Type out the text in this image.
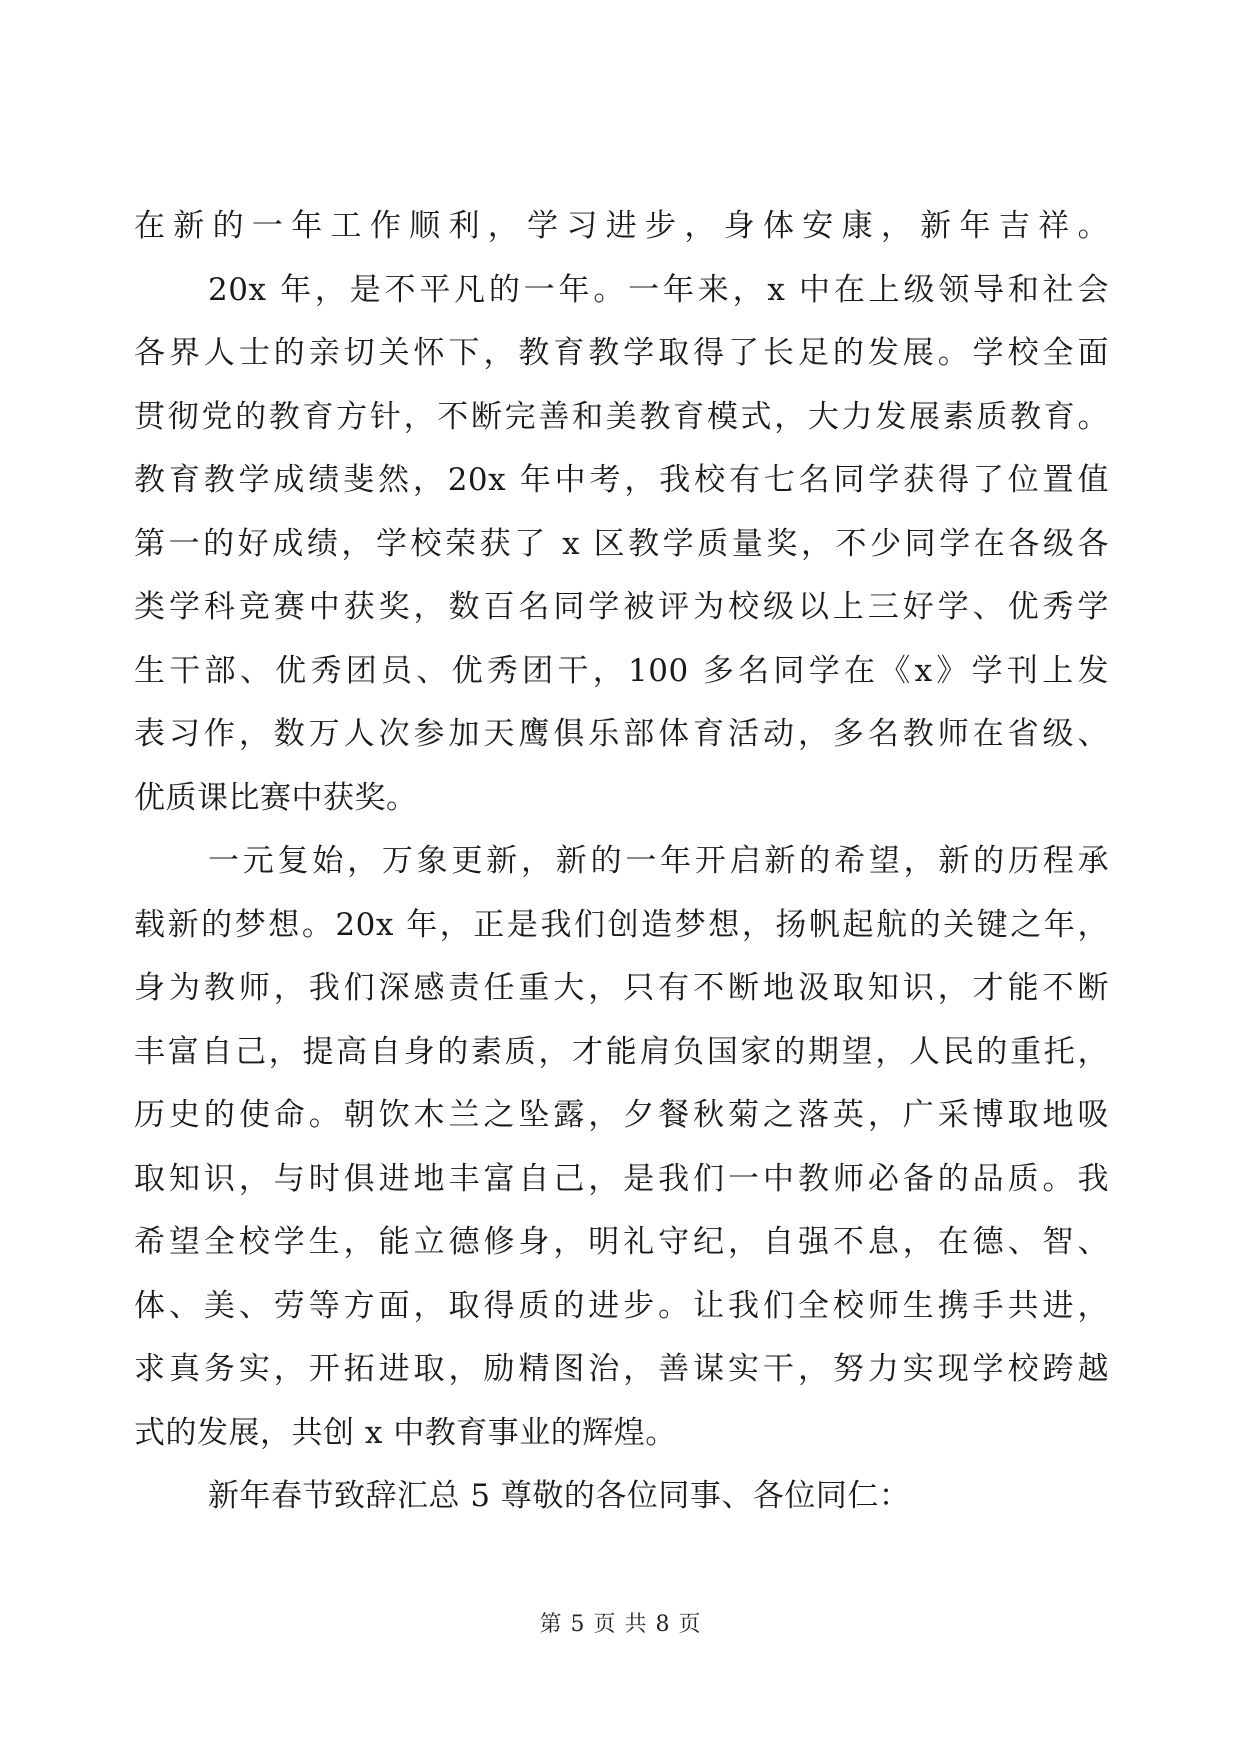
在新的一年工作顺利，学习进步，身体安康，新年吉祥。
20x 年，是不平凡的一年。一年来，x 中在上级领导和社会
各界人士的亲切关怀下，教育教学取得了长足的发展。学校全面
贯彻党的教育方针，不断完善和美教育模式，大力发展素质教育。
教育教学成绩斐然，20x 年中考，我校有七名同学获得了位置值
第一的好成绩，学校荣获了 x 区教学质量奖，不少同学在各级各
类学科竞赛中获奖，数百名同学被评为校级以上三好学、优秀学
生干部、优秀团员、优秀团干，100 多名同学在《x》学刊上发
表习作，数万人次参加天鹰俱乐部体育活动，多名教师在省级、
优质课比赛中获奖。
一元复始，万象更新，新的一年开启新的希望，新的历程承
载新的梦想。20x 年，正是我们创造梦想，扬帆起航的关键之年，
身为教师，我们深感责任重大，只有不断地汲取知识，才能不断
丰富自己，提高自身的素质，才能肩负国家的期望，人民的重托，
历史的使命。朝饮木兰之坠露，夕餐秋菊之落英，广采博取地吸
取知识，与时俱进地丰富自己，是我们一中教师必备的品质。我
希望全校学生，能立德修身，明礼守纪，自强不息，在德、智、
体、美、劳等方面，取得质的进步。让我们全校师生携手共进，
求真务实，开拓进取，励精图治，善谋实干，努力实现学校跨越
式的发展，共创 x 中教育事业的辉煌。
新年春节致辞汇总 5 尊敬的各位同事、各位同仁：
第 5 页 共 8 页
